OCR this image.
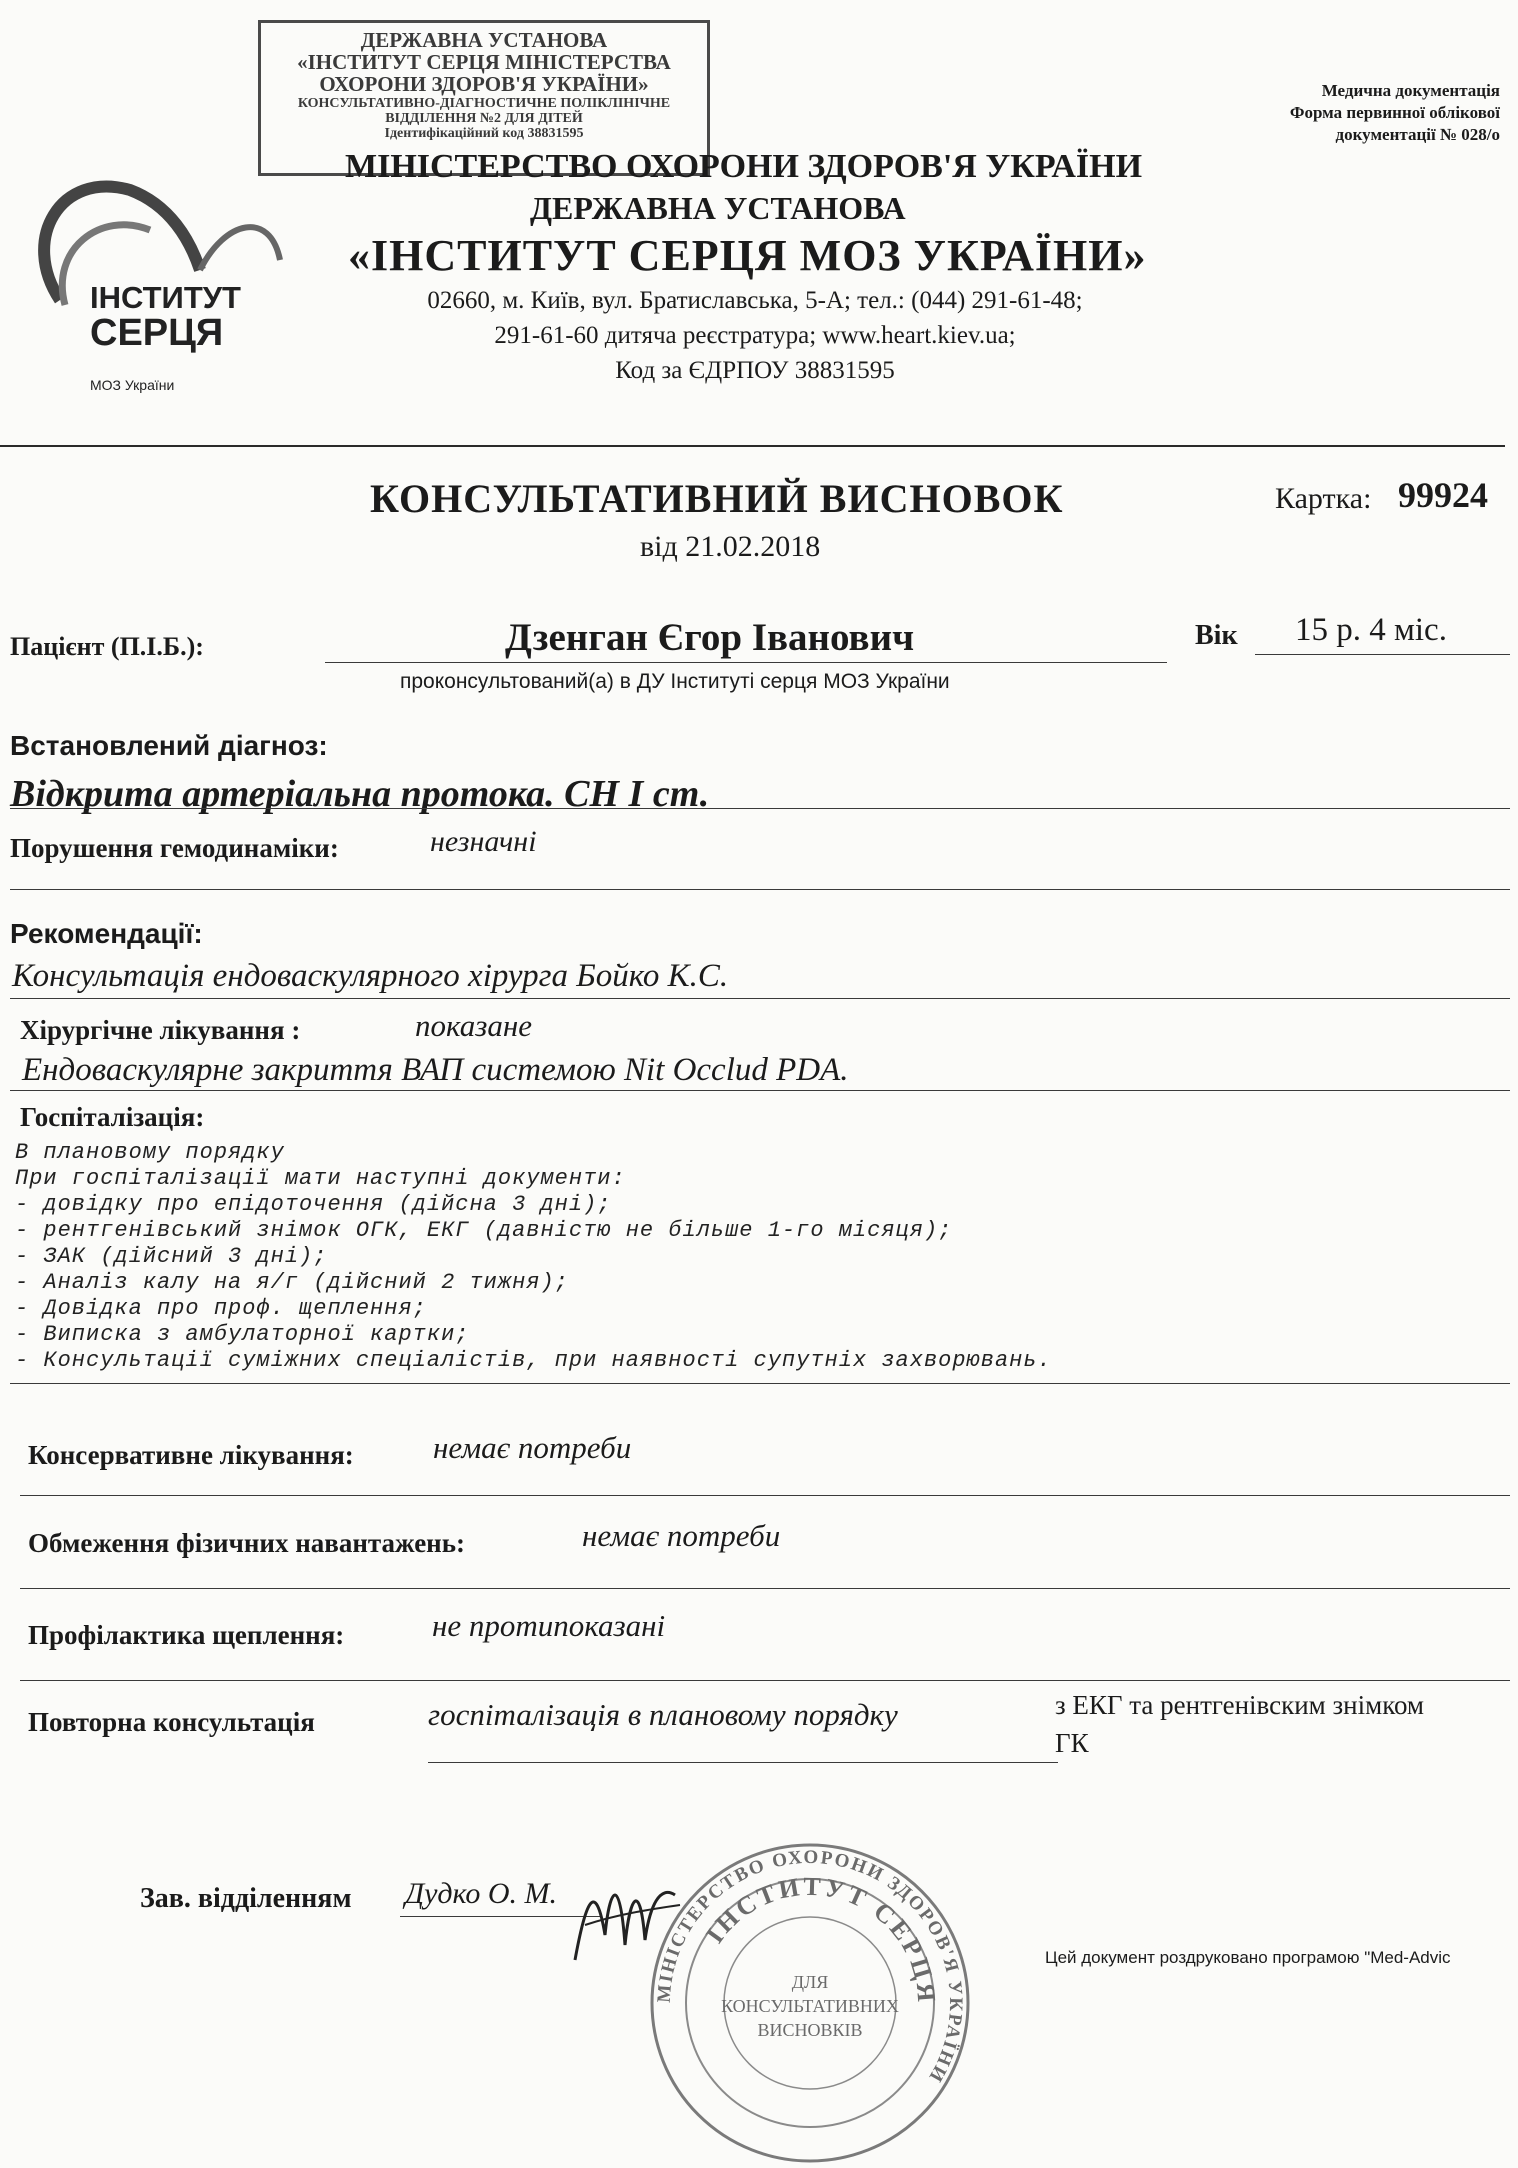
ДЕРЖАВНА УСТАНОВА
«ІНСТИТУТ СЕРЦЯ МІНІСТЕРСТВА
ОХОРОНИ ЗДОРОВ'Я УКРАЇНИ»
КОНСУЛЬТАТИВНО-ДІАГНОСТИЧНЕ ПОЛІКЛІНІЧНЕ
ВІДДІЛЕННЯ №2 ДЛЯ ДІТЕЙ
Ідентифікаційний код 38831595
Медична документація
Форма первинної облікової
документації № 028/о
ІНСТИТУТ
СЕРЦЯ
МОЗ України
МІНІСТЕРСТВО ОХОРОНИ ЗДОРОВ'Я УКРАЇНИ
ДЕРЖАВНА УСТАНОВА
«ІНСТИТУТ СЕРЦЯ МОЗ УКРАЇНИ»
02660, м. Київ, вул. Братиславська, 5-А; тел.: (044) 291-61-48;
291-61-60 дитяча реєстратура; www.heart.kiev.ua;
Код за ЄДРПОУ 38831595
КОНСУЛЬТАТИВНИЙ ВИСНОВОК
від 21.02.2018
Картка: 99924
Пацієнт (П.І.Б.):	Дзенган Єгор Іванович	Вік 15 р. 4 міс.
проконсультований(а) в ДУ Інституті серця МОЗ України
Встановлений діагноз:
Відкрита артеріальна протока. СН І ст.
Порушення гемодинаміки:	незначні
Рекомендації:
Консультація ендоваскулярного хірурга Бойко К.С.
Хірургічне лікування :	показане
Ендоваскулярне закриття ВАП системою Nit Occlud PDA.
Госпіталізація:
В плановому порядку
При госпіталізації мати наступні документи:
- довідку про епідоточення (дійсна 3 дні);
- рентгенівський знімок ОГК, ЕКГ (давністю не більше 1-го місяця);
- ЗАК (дійсний 3 дні);
- Аналіз калу на я/г (дійсний 2 тижня);
- Довідка про проф. щеплення;
- Виписка з амбулаторної картки;
- Консультації суміжних спеціалістів, при наявності супутніх захворювань.
Консервативне лікування:	немає потреби
Обмеження фізичних навантажень:	немає потреби
Профілактика щеплення:	не протипоказані
Повторна консультація	госпіталізація в плановому порядку	з ЕКГ та рентгенівским знімком
ГК
Зав. відділенням Дудко О. М.
Цей документ роздруковано програмою "Med-Advic
МІНІСТЕРСТВО ОХОРОНИ ЗДОРОВ'Я УКРАЇНИ
ІНСТИТУТ СЕРЦЯ
ДЛЯ
КОНСУЛЬТАТИВНИХ
ВИСНОВКІВ
